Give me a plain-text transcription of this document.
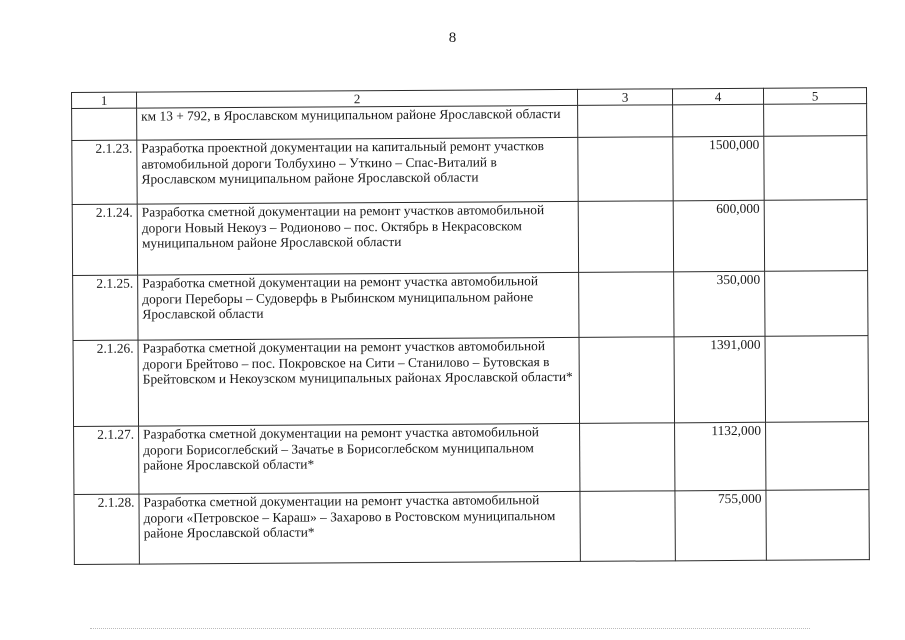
8
1	2	3	4	5
	км 13 + 792, в Ярославском муниципальном районе Ярославской области			
2.1.23.	Разработка проектной документации на капитальный ремонт участков автомобильной дороги Толбухино – Уткино – Спас-Виталий в Ярославском муниципальном районе Ярославской области		1500,000	
2.1.24.	Разработка сметной документации на ремонт участков автомобильной дороги Новый Некоуз – Родионово – пос. Октябрь в Некрасовском муниципальном районе Ярославской области		600,000	
2.1.25.	Разработка сметной документации на ремонт участка автомобильной дороги Переборы – Судоверфь в Рыбинском муниципальном районе Ярославской области		350,000	
2.1.26.	Разработка сметной документации на ремонт участков автомобильной дороги Брейтово – пос. Покровское на Сити – Станилово – Бутовская в Брейтовском и Некоузском муниципальных районах Ярославской области*		1391,000	
2.1.27.	Разработка сметной документации на ремонт участка автомобильной дороги Борисоглебский – Зачатье в Борисоглебском муниципальном районе Ярославской области*		1132,000	
2.1.28.	Разработка сметной документации на ремонт участка автомобильной дороги «Петровское – Караш» – Захарово в Ростовском муниципальном районе Ярославской области*		755,000	
